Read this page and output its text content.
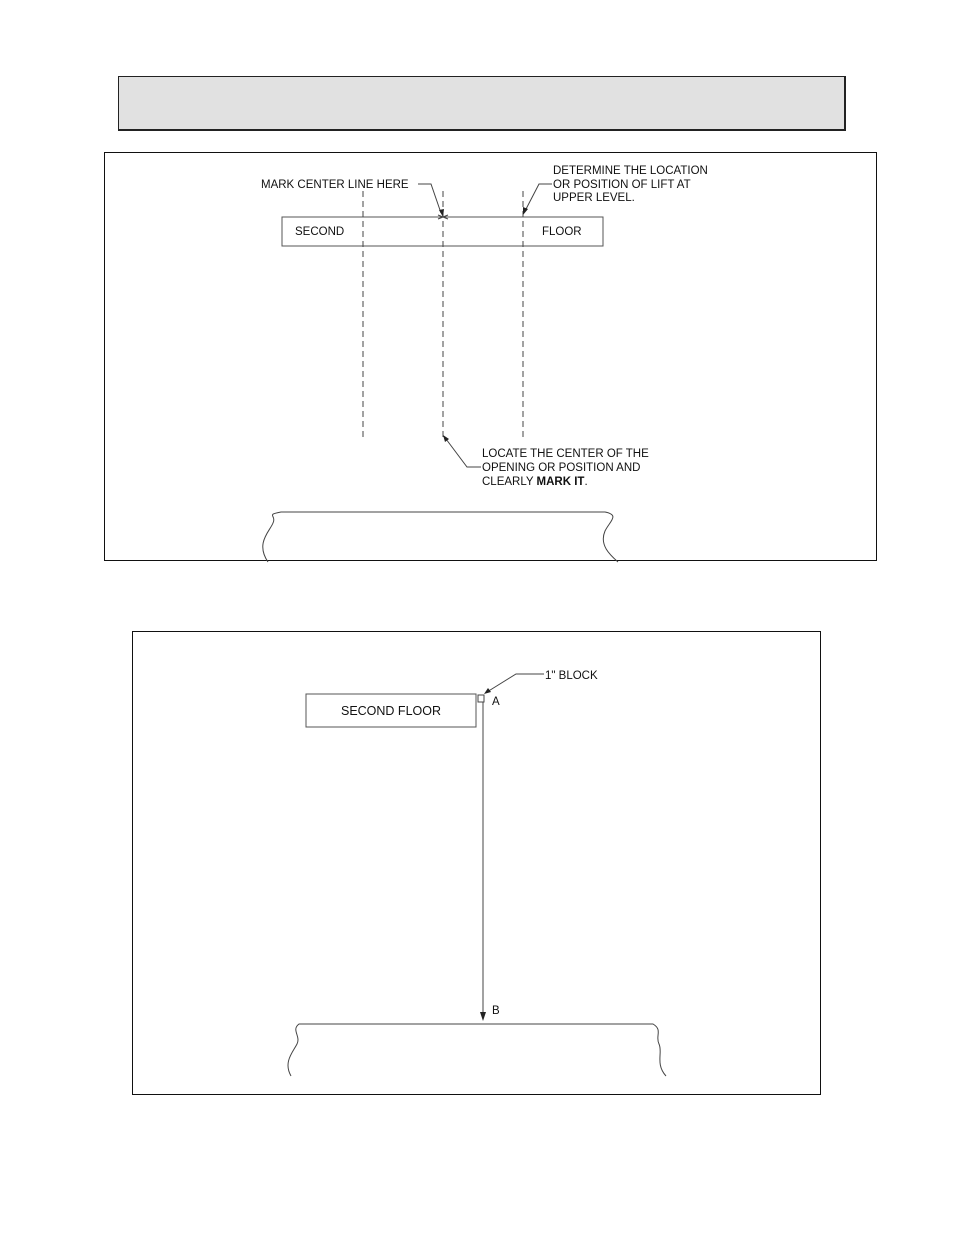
SECOND	FLOOR
MARK CENTER LINE HERE
DETERMINE THE LOCATION
OR POSITION OF LIFT AT
UPPER LEVEL.
LOCATE THE CENTER OF THE
OPENING OR POSITION AND
CLEARLY MARK IT.
SECOND FLOOR
1" BLOCK
A
B
